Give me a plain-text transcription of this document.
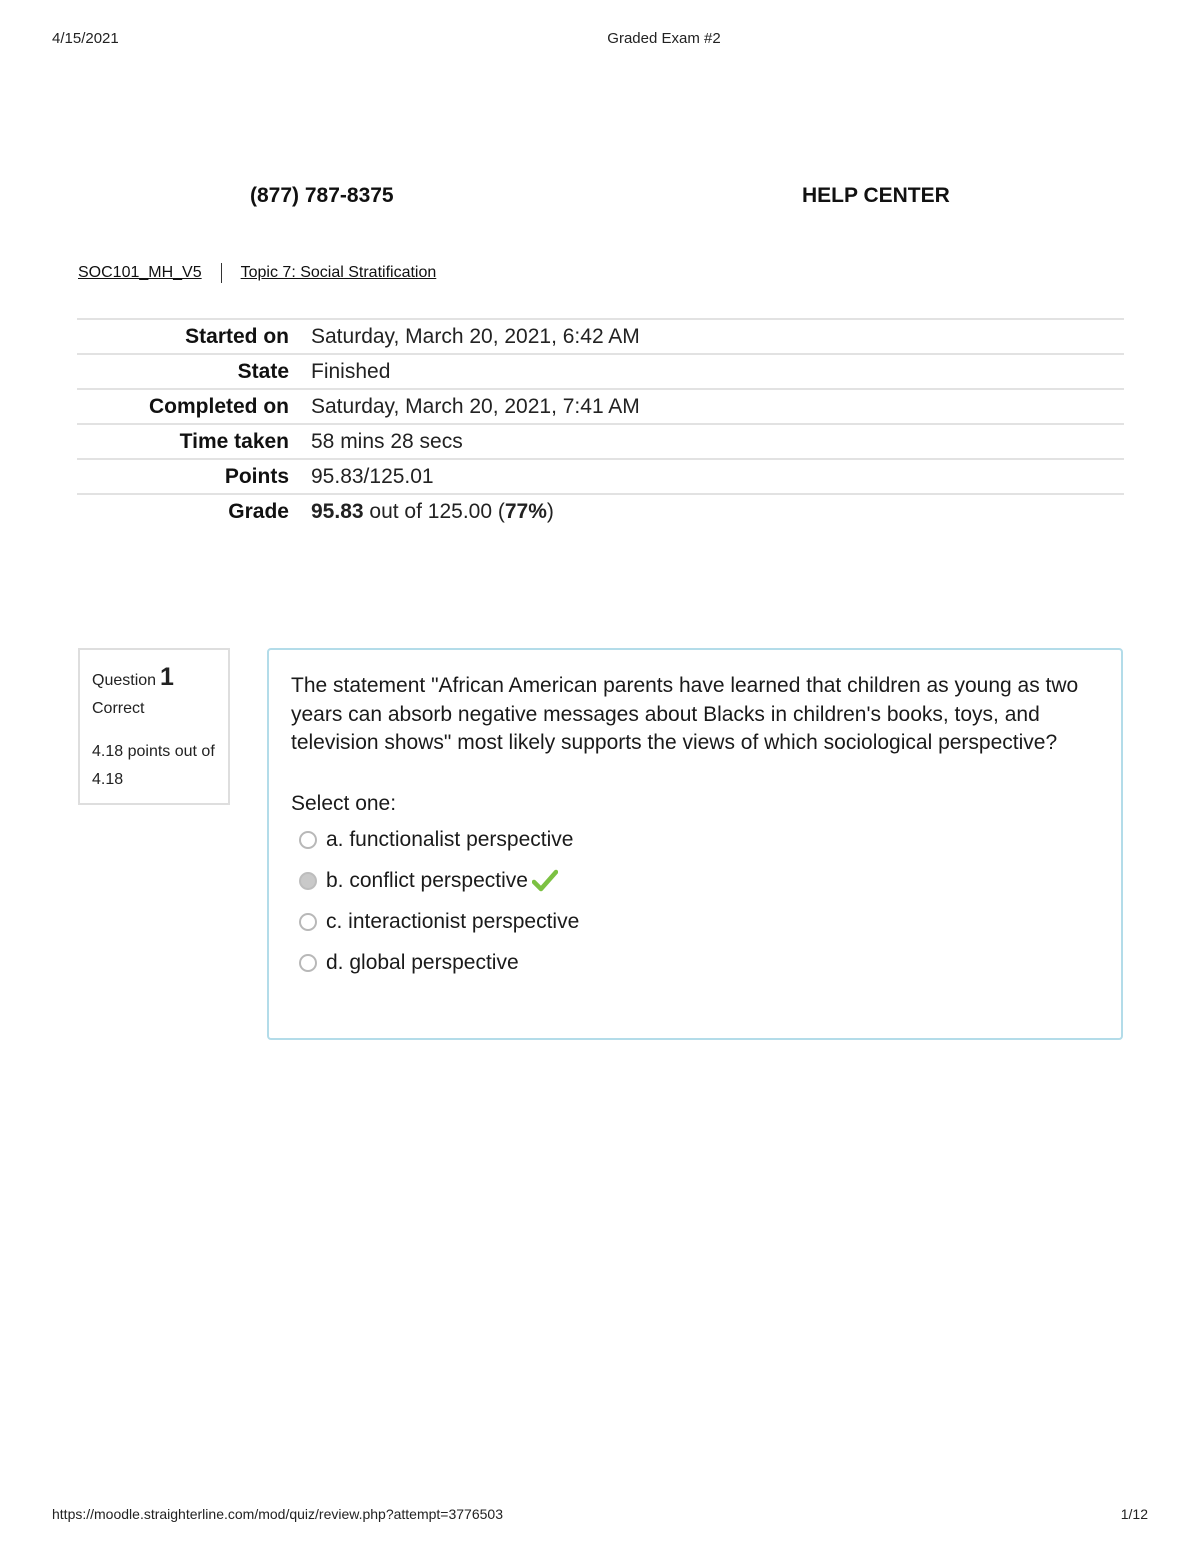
4/15/2021	Graded Exam #2
(877) 787-8375	HELP CENTER
SOC101_MH_V5 Topic 7: Social Stratification
Started on	Saturday, March 20, 2021, 6:42 AM
State	Finished
Completed on	Saturday, March 20, 2021, 7:41 AM
Time taken	58 mins 28 secs
Points	95.83/125.01
Grade	95.83 out of 125.00 (77%)
Question 1
Correct
4.18 points out of 4.18
The statement "African American parents have learned that children as young as two years can absorb negative messages about Blacks in children's books, toys, and television shows" most likely supports the views of which sociological perspective?
Select one:
a. functionalist perspective
b. conflict perspective
c. interactionist perspective
d. global perspective
https://moodle.straighterline.com/mod/quiz/review.php?attempt=3776503	1/12
